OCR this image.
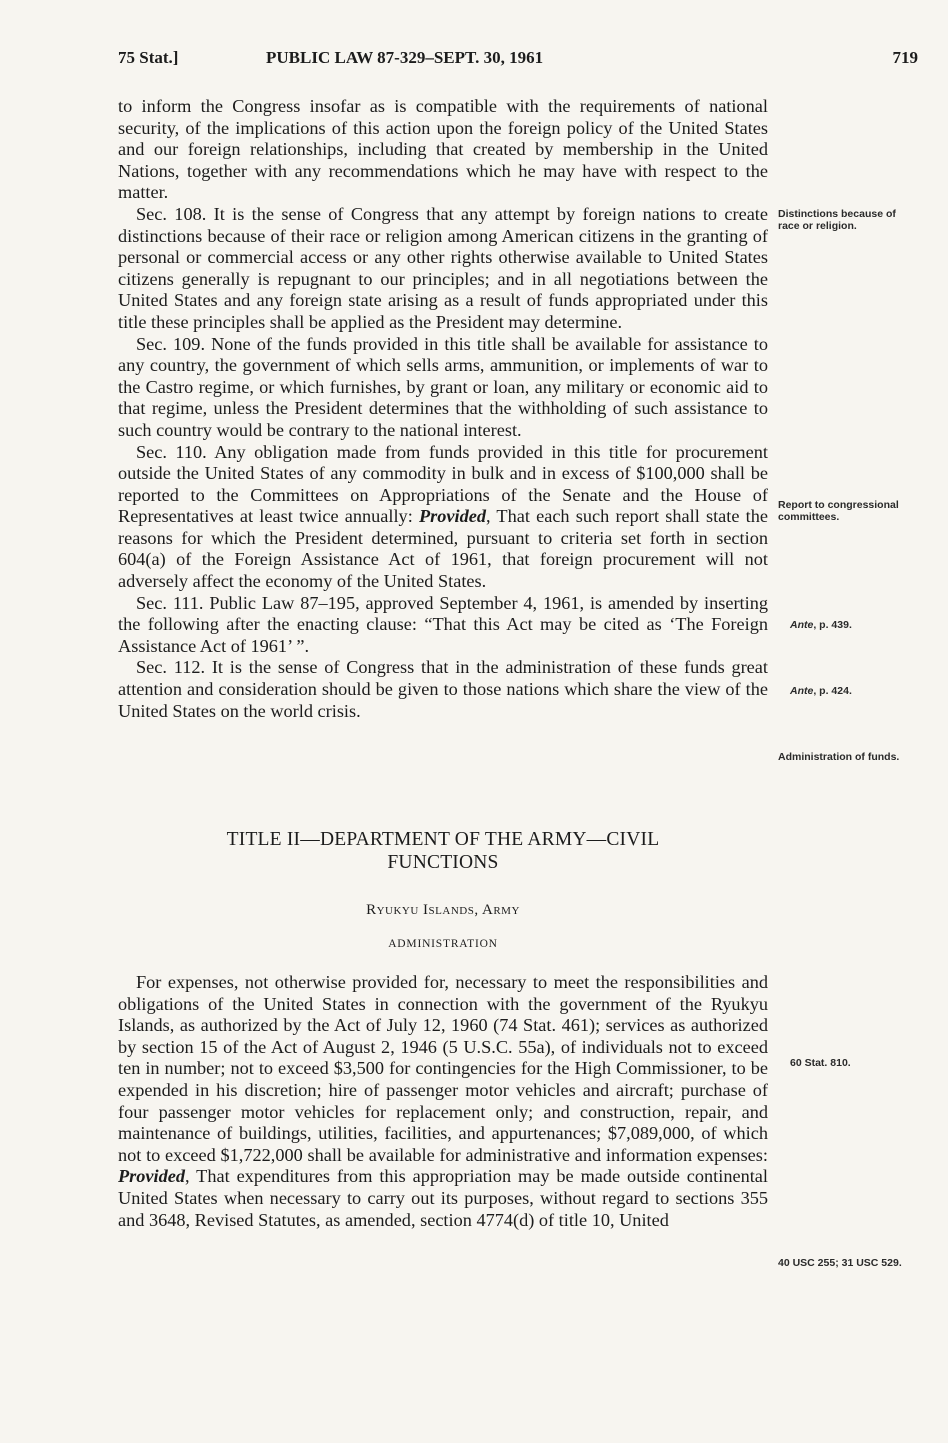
75 Stat.]	PUBLIC LAW 87-329–SEPT. 30, 1961	719

to inform the Congress insofar as is compatible with the requirements of national security, of the implications of this action upon the foreign policy of the United States and our foreign relationships, including that created by membership in the United Nations, together with any recommendations which he may have with respect to the matter.

Sec. 108. It is the sense of Congress that any attempt by foreign nations to create distinctions because of their race or religion among American citizens in the granting of personal or commercial access or any other rights otherwise available to United States citizens generally is repugnant to our principles; and in all negotiations between the United States and any foreign state arising as a result of funds appropriated under this title these principles shall be applied as the President may determine.

Sec. 109. None of the funds provided in this title shall be available for assistance to any country, the government of which sells arms, ammunition, or implements of war to the Castro regime, or which furnishes, by grant or loan, any military or economic aid to that regime, unless the President determines that the withholding of such assistance to such country would be contrary to the national interest.

Sec. 110. Any obligation made from funds provided in this title for procurement outside the United States of any commodity in bulk and in excess of $100,000 shall be reported to the Committees on Appropriations of the Senate and the House of Representatives at least twice annually: Provided, That each such report shall state the reasons for which the President determined, pursuant to criteria set forth in section 604(a) of the Foreign Assistance Act of 1961, that foreign procurement will not adversely affect the economy of the United States.

Sec. 111. Public Law 87–195, approved September 4, 1961, is amended by inserting the following after the enacting clause: “That this Act may be cited as ‘The Foreign Assistance Act of 1961’ ”.

Sec. 112. It is the sense of Congress that in the administration of these funds great attention and consideration should be given to those nations which share the view of the United States on the world crisis.

TITLE II—DEPARTMENT OF THE ARMY—CIVIL
FUNCTIONS
Ryukyu Islands, Army
ADMINISTRATION

For expenses, not otherwise provided for, necessary to meet the responsibilities and obligations of the United States in connection with the government of the Ryukyu Islands, as authorized by the Act of July 12, 1960 (74 Stat. 461); services as authorized by section 15 of the Act of August 2, 1946 (5 U.S.C. 55a), of individuals not to exceed ten in number; not to exceed $3,500 for contingencies for the High Commissioner, to be expended in his discretion; hire of passenger motor vehicles and aircraft; purchase of four passenger motor vehicles for replacement only; and construction, repair, and maintenance of buildings, utilities, facilities, and appurtenances; $7,089,000, of which not to exceed $1,722,000 shall be available for administrative and information expenses: Provided, That expenditures from this appropriation may be made outside continental United States when necessary to carry out its purposes, without regard to sections 355 and 3648, Revised Statutes, as amended, section 4774(d) of title 10, United

Distinctions because of race or religion.
Report to congressional committees.
Ante, p. 439.
Ante, p. 424.
Administration of funds.
60 Stat. 810.
40 USC 255; 31 USC 529.
